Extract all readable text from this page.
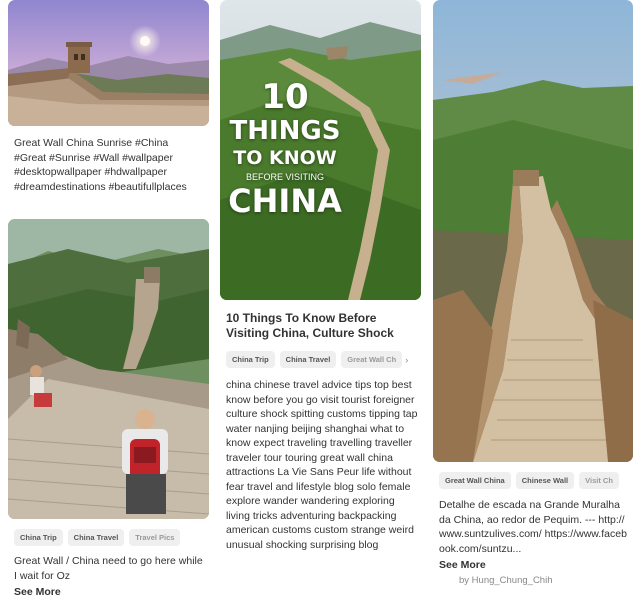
Great Wall China Sunrise #China #Great #Sunrise #Wall #wallpaper #desktopwallpaper #hdwallpaper #dreamdestinations #beautifullplaces
China Trip	China Travel	Travel Pics
Great Wall / China need to go here while I wait for Oz
See More
10
THINGS
TO KNOW
BEFORE VISITING
CHINA
10 Things To Know Before Visiting China, Culture Shock
China Trip	China Travel	Great Wall Ch	›
china chinese travel advice tips top best know before you go visit tourist foreigner culture shock spitting customs tipping tap water nanjing beijing shanghai what to know expect traveling travelling traveller traveler tour touring great wall china attractions La Vie Sans Peur life without fear travel and lifestyle blog solo female explore wander wandering exploring living tricks adventuring backpacking american customs custom strange weird unusual shocking surprising blog
Great Wall China	Chinese Wall	Visit Ch
Detalhe de escada na Grande Muralha da China, ao redor de Pequim. --- http://www.suntzulives.com/ https://www.facebook.com/suntzu...
See More
by Hung_Chung_Chih
